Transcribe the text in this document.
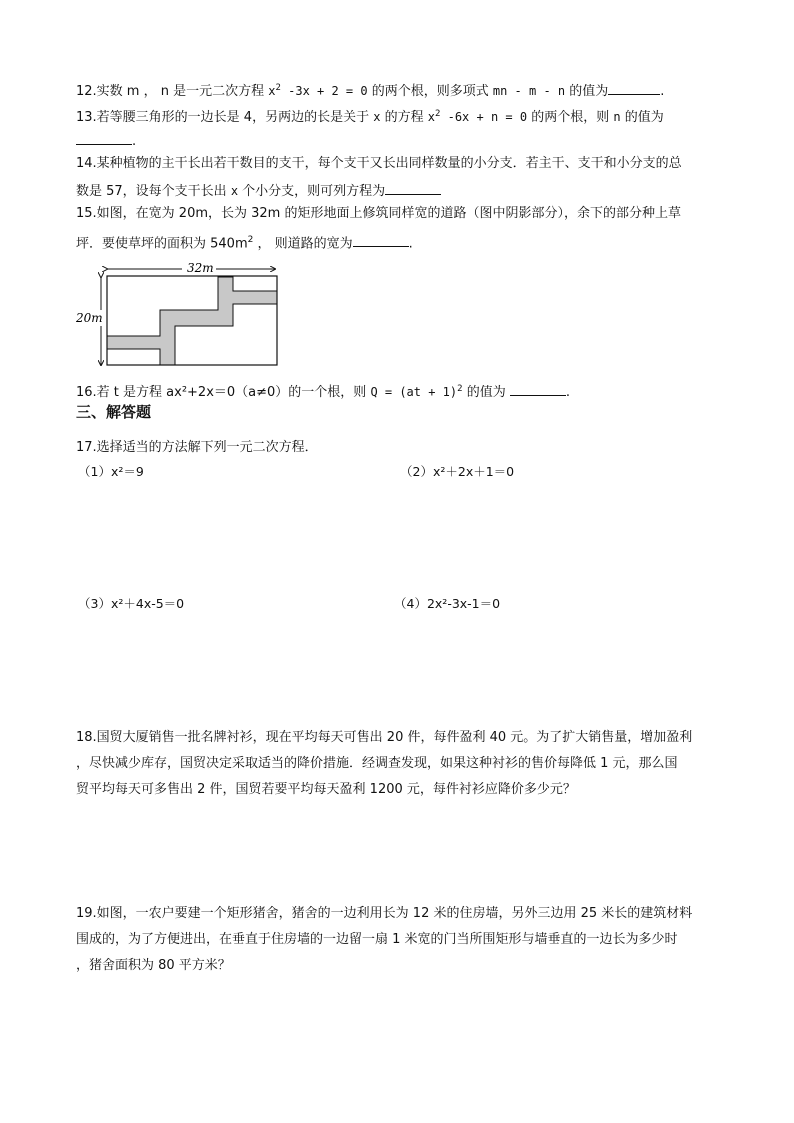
12.实数 m ， n 是一元二次方程 $x^2$ -3x + 2 = 0 的两个根，则多项式 mn - m - n 的值为	.
13.若等腰三角形的一边长是 4，另两边的长是关于 x 的方程 $x^2$ -6x + n = 0 的两个根，则 n 的值为
.
14.某种植物的主干长出若干数目的支干，每个支干又长出同样数量的小分支．若主干、支干和小分支的总
数是 57，设每个支干长出 x 个小分支，则可列方程为
15.如图，在宽为 20m，长为 32m 的矩形地面上修筑同样宽的道路（图中阴影部分），余下的部分种上草
坪．要使草坪的面积为 $540m^2$ ， 则道路的宽为	.
32m
20m
16.若 t 是方程 ax²+2x＝0（a≠0）的一个根，则 Q = (at + 1)$^2$ 的值为	.
三、解答题
17.选择适当的方法解下列一元二次方程．
（1）x²＝9	（2）x²＋2x＋1＝0
（3）x²＋4x-5＝0	（4）2x²-3x-1＝0
18.国贸大厦销售一批名牌衬衫，现在平均每天可售出 20 件，每件盈利 40 元。为了扩大销售量，增加盈利
，尽快减少库存，国贸决定采取适当的降价措施．经调查发现，如果这种衬衫的售价每降低 1 元，那么国
贸平均每天可多售出 2 件，国贸若要平均每天盈利 1200 元，每件衬衫应降价多少元？
19.如图，一农户要建一个矩形猪舍，猪舍的一边利用长为 12 米的住房墙，另外三边用 25 米长的建筑材料
围成的，为了方便进出，在垂直于住房墙的一边留一扇 1 米宽的门当所围矩形与墙垂直的一边长为多少时
，猪舍面积为 80 平方米？
